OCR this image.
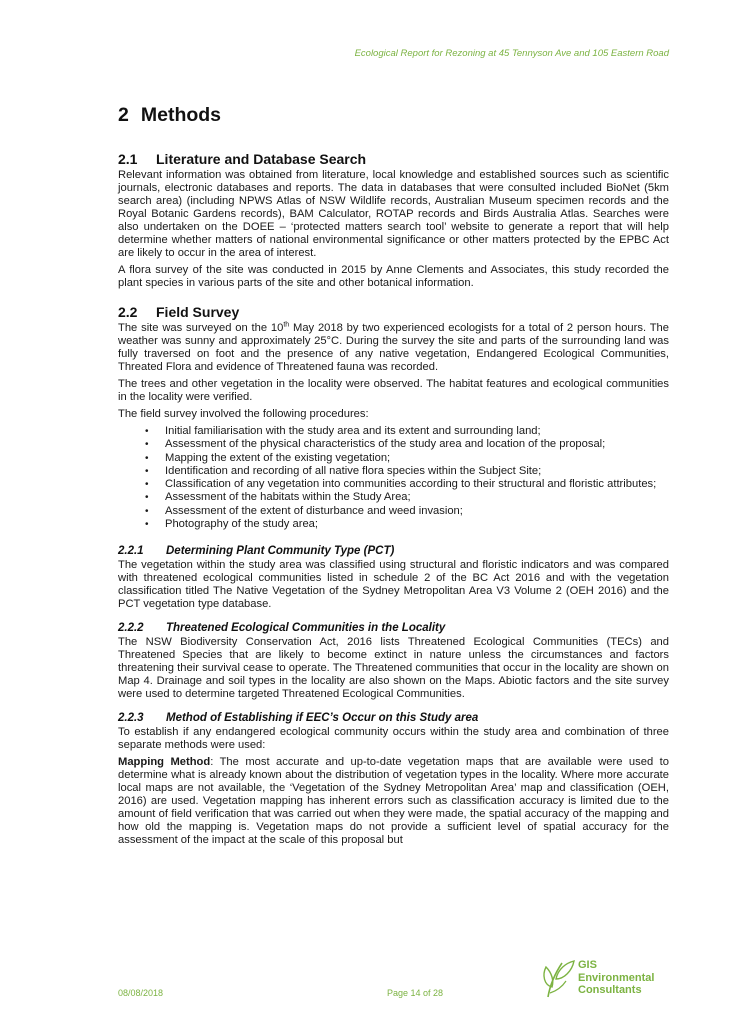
Ecological Report for Rezoning at 45 Tennyson Ave and 105 Eastern Road
2 Methods
2.1 Literature and Database Search

Relevant information was obtained from literature, local knowledge and established sources such as scientific journals, electronic databases and reports. The data in databases that were consulted included BioNet (5km search area) (including NPWS Atlas of NSW Wildlife records, Australian Museum specimen records and the Royal Botanic Gardens records), BAM Calculator, ROTAP records and Birds Australia Atlas. Searches were also undertaken on the DOEE – ‘protected matters search tool’ website to generate a report that will help determine whether matters of national environmental significance or other matters protected by the EPBC Act are likely to occur in the area of interest.

A flora survey of the site was conducted in 2015 by Anne Clements and Associates, this study recorded the plant species in various parts of the site and other botanical information.

2.2 Field Survey

The site was surveyed on the 10th May 2018 by two experienced ecologists for a total of 2 person hours. The weather was sunny and approximately 25°C. During the survey the site and parts of the surrounding land was fully traversed on foot and the presence of any native vegetation, Endangered Ecological Communities, Threated Flora and evidence of Threatened fauna was recorded.

The trees and other vegetation in the locality were observed. The habitat features and ecological communities in the locality were verified.

The field survey involved the following procedures:

• Initial familiarisation with the study area and its extent and surrounding land;
• Assessment of the physical characteristics of the study area and location of the proposal;
• Mapping the extent of the existing vegetation;
• Identification and recording of all native flora species within the Subject Site;
• Classification of any vegetation into communities according to their structural and floristic attributes;
• Assessment of the habitats within the Study Area;
• Assessment of the extent of disturbance and weed invasion;
• Photography of the study area;
2.2.1 Determining Plant Community Type (PCT)

The vegetation within the study area was classified using structural and floristic indicators and was compared with threatened ecological communities listed in schedule 2 of the BC Act 2016 and with the vegetation classification titled The Native Vegetation of the Sydney Metropolitan Area V3 Volume 2 (OEH 2016) and the PCT vegetation type database.

2.2.2 Threatened Ecological Communities in the Locality

The NSW Biodiversity Conservation Act, 2016 lists Threatened Ecological Communities (TECs) and Threatened Species that are likely to become extinct in nature unless the circumstances and factors threatening their survival cease to operate. The Threatened communities that occur in the locality are shown on Map 4. Drainage and soil types in the locality are also shown on the Maps. Abiotic factors and the site survey were used to determine targeted Threatened Ecological Communities.

2.2.3 Method of Establishing if EEC’s Occur on this Study area

To establish if any endangered ecological community occurs within the study area and combination of three separate methods were used:

Mapping Method: The most accurate and up-to-date vegetation maps that are available were used to determine what is already known about the distribution of vegetation types in the locality. Where more accurate local maps are not available, the ‘Vegetation of the Sydney Metropolitan Area’ map and classification (OEH, 2016) are used. Vegetation mapping has inherent errors such as classification accuracy is limited due to the amount of field verification that was carried out when they were made, the spatial accuracy of the mapping and how old the mapping is. Vegetation maps do not provide a sufficient level of spatial accuracy for the assessment of the impact at the scale of this proposal but

08/08/2018	Page 14 of 28
GIS
Environmental
Consultants
